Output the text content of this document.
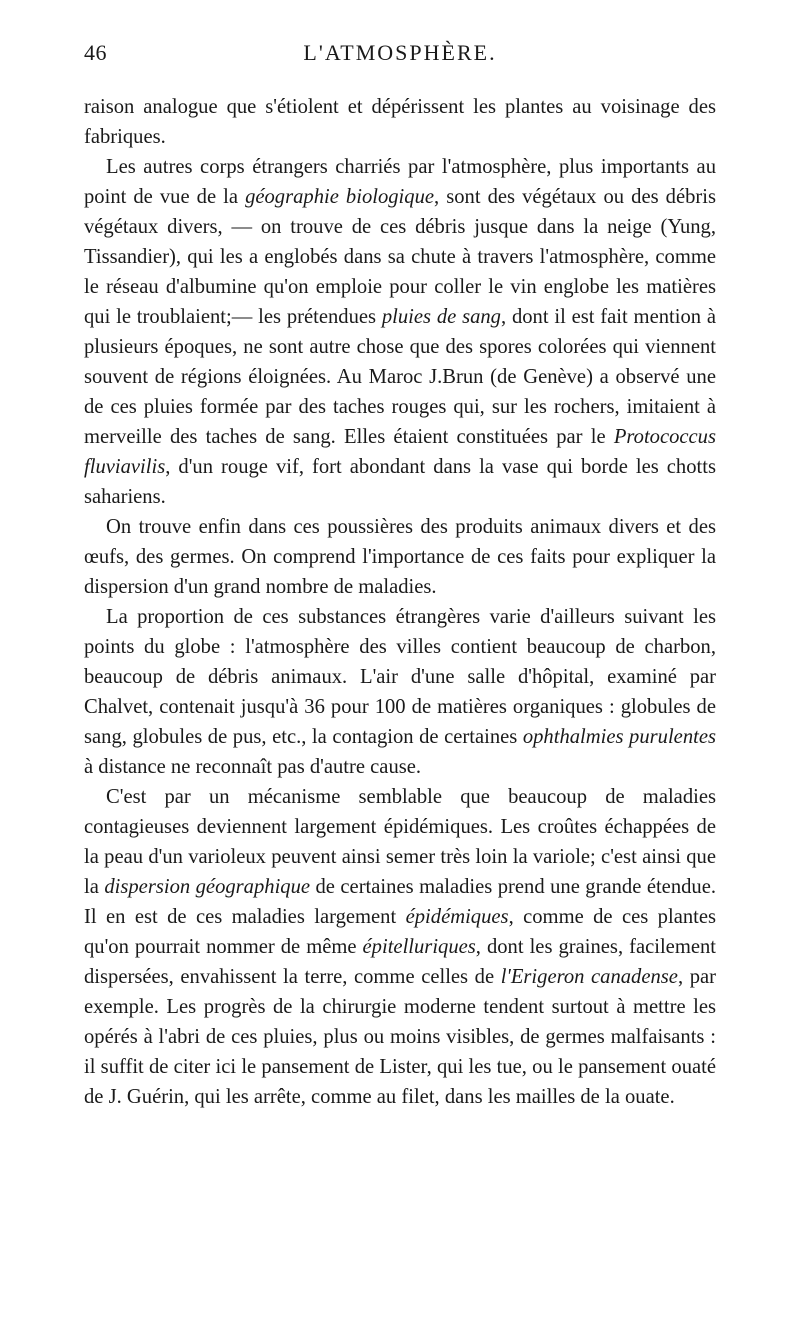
46	L'ATMOSPHÈRE.

raison analogue que s'étiolent et dépérissent les plantes au voisinage des fabriques.

Les autres corps étrangers charriés par l'atmosphère, plus importants au point de vue de la géographie biologique, sont des végétaux ou des débris végétaux divers, — on trouve de ces débris jusque dans la neige (Yung, Tissandier), qui les a englobés dans sa chute à travers l'atmosphère, comme le réseau d'albumine qu'on emploie pour coller le vin englobe les matières qui le troublaient;— les prétendues pluies de sang, dont il est fait mention à plusieurs époques, ne sont autre chose que des spores colorées qui viennent souvent de régions éloignées. Au Maroc J.Brun (de Genève) a observé une de ces pluies formée par des taches rouges qui, sur les rochers, imitaient à merveille des taches de sang. Elles étaient constituées par le Protococcus fluviavilis, d'un rouge vif, fort abondant dans la vase qui borde les chotts sahariens.

On trouve enfin dans ces poussières des produits animaux divers et des œufs, des germes. On comprend l'importance de ces faits pour expliquer la dispersion d'un grand nombre de maladies.

La proportion de ces substances étrangères varie d'ailleurs suivant les points du globe : l'atmosphère des villes contient beaucoup de charbon, beaucoup de débris animaux. L'air d'une salle d'hôpital, examiné par Chalvet, contenait jusqu'à 36 pour 100 de matières organiques : globules de sang, globules de pus, etc., la contagion de certaines ophthalmies purulentes à distance ne reconnaît pas d'autre cause.

C'est par un mécanisme semblable que beaucoup de maladies contagieuses deviennent largement épidémiques. Les croûtes échappées de la peau d'un varioleux peuvent ainsi semer très loin la variole; c'est ainsi que la dispersion géographique de certaines maladies prend une grande étendue. Il en est de ces maladies largement épidémiques, comme de ces plantes qu'on pourrait nommer de même épitelluriques, dont les graines, facilement dispersées, envahissent la terre, comme celles de l'Erigeron canadense, par exemple. Les progrès de la chirurgie moderne tendent surtout à mettre les opérés à l'abri de ces pluies, plus ou moins visibles, de germes malfaisants : il suffit de citer ici le pansement de Lister, qui les tue, ou le pansement ouaté de J. Guérin, qui les arrête, comme au filet, dans les mailles de la ouate.
